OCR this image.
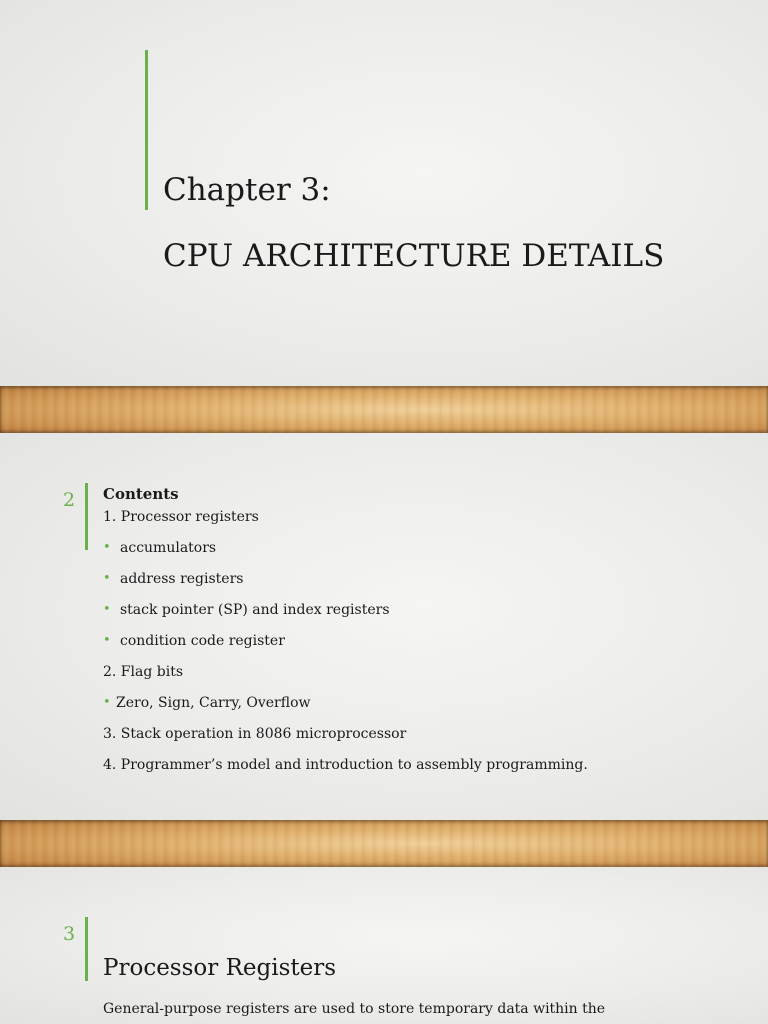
Chapter 3:
CPU ARCHITECTURE DETAILS
2 Contents
1. Processor registers
• accumulators
• address registers
• stack pointer (SP) and index registers
• condition code register
2. Flag bits
• Zero, Sign, Carry, Overflow
3. Stack operation in 8086 microprocessor
4. Programmer’s model and introduction to assembly programming.
3
Processor Registers
General-purpose registers are used to store temporary data within the
